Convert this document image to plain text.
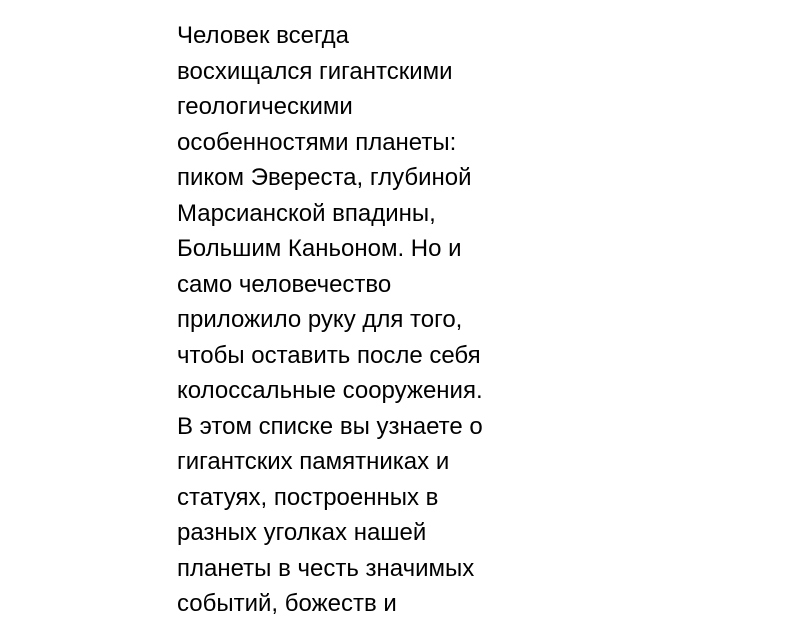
Человек всегда
восхищался гигантскими
геологическими
особенностями планеты:
пиком Эвереста, глубиной
Марсианской впадины,
Большим Каньоном. Но и
само человечество
приложило руку для того,
чтобы оставить после себя
колоссальные сооружения.
В этом списке вы узнаете о
гигантских памятниках и
статуях, построенных в
разных уголках нашей
планеты в честь значимых
событий, божеств и
